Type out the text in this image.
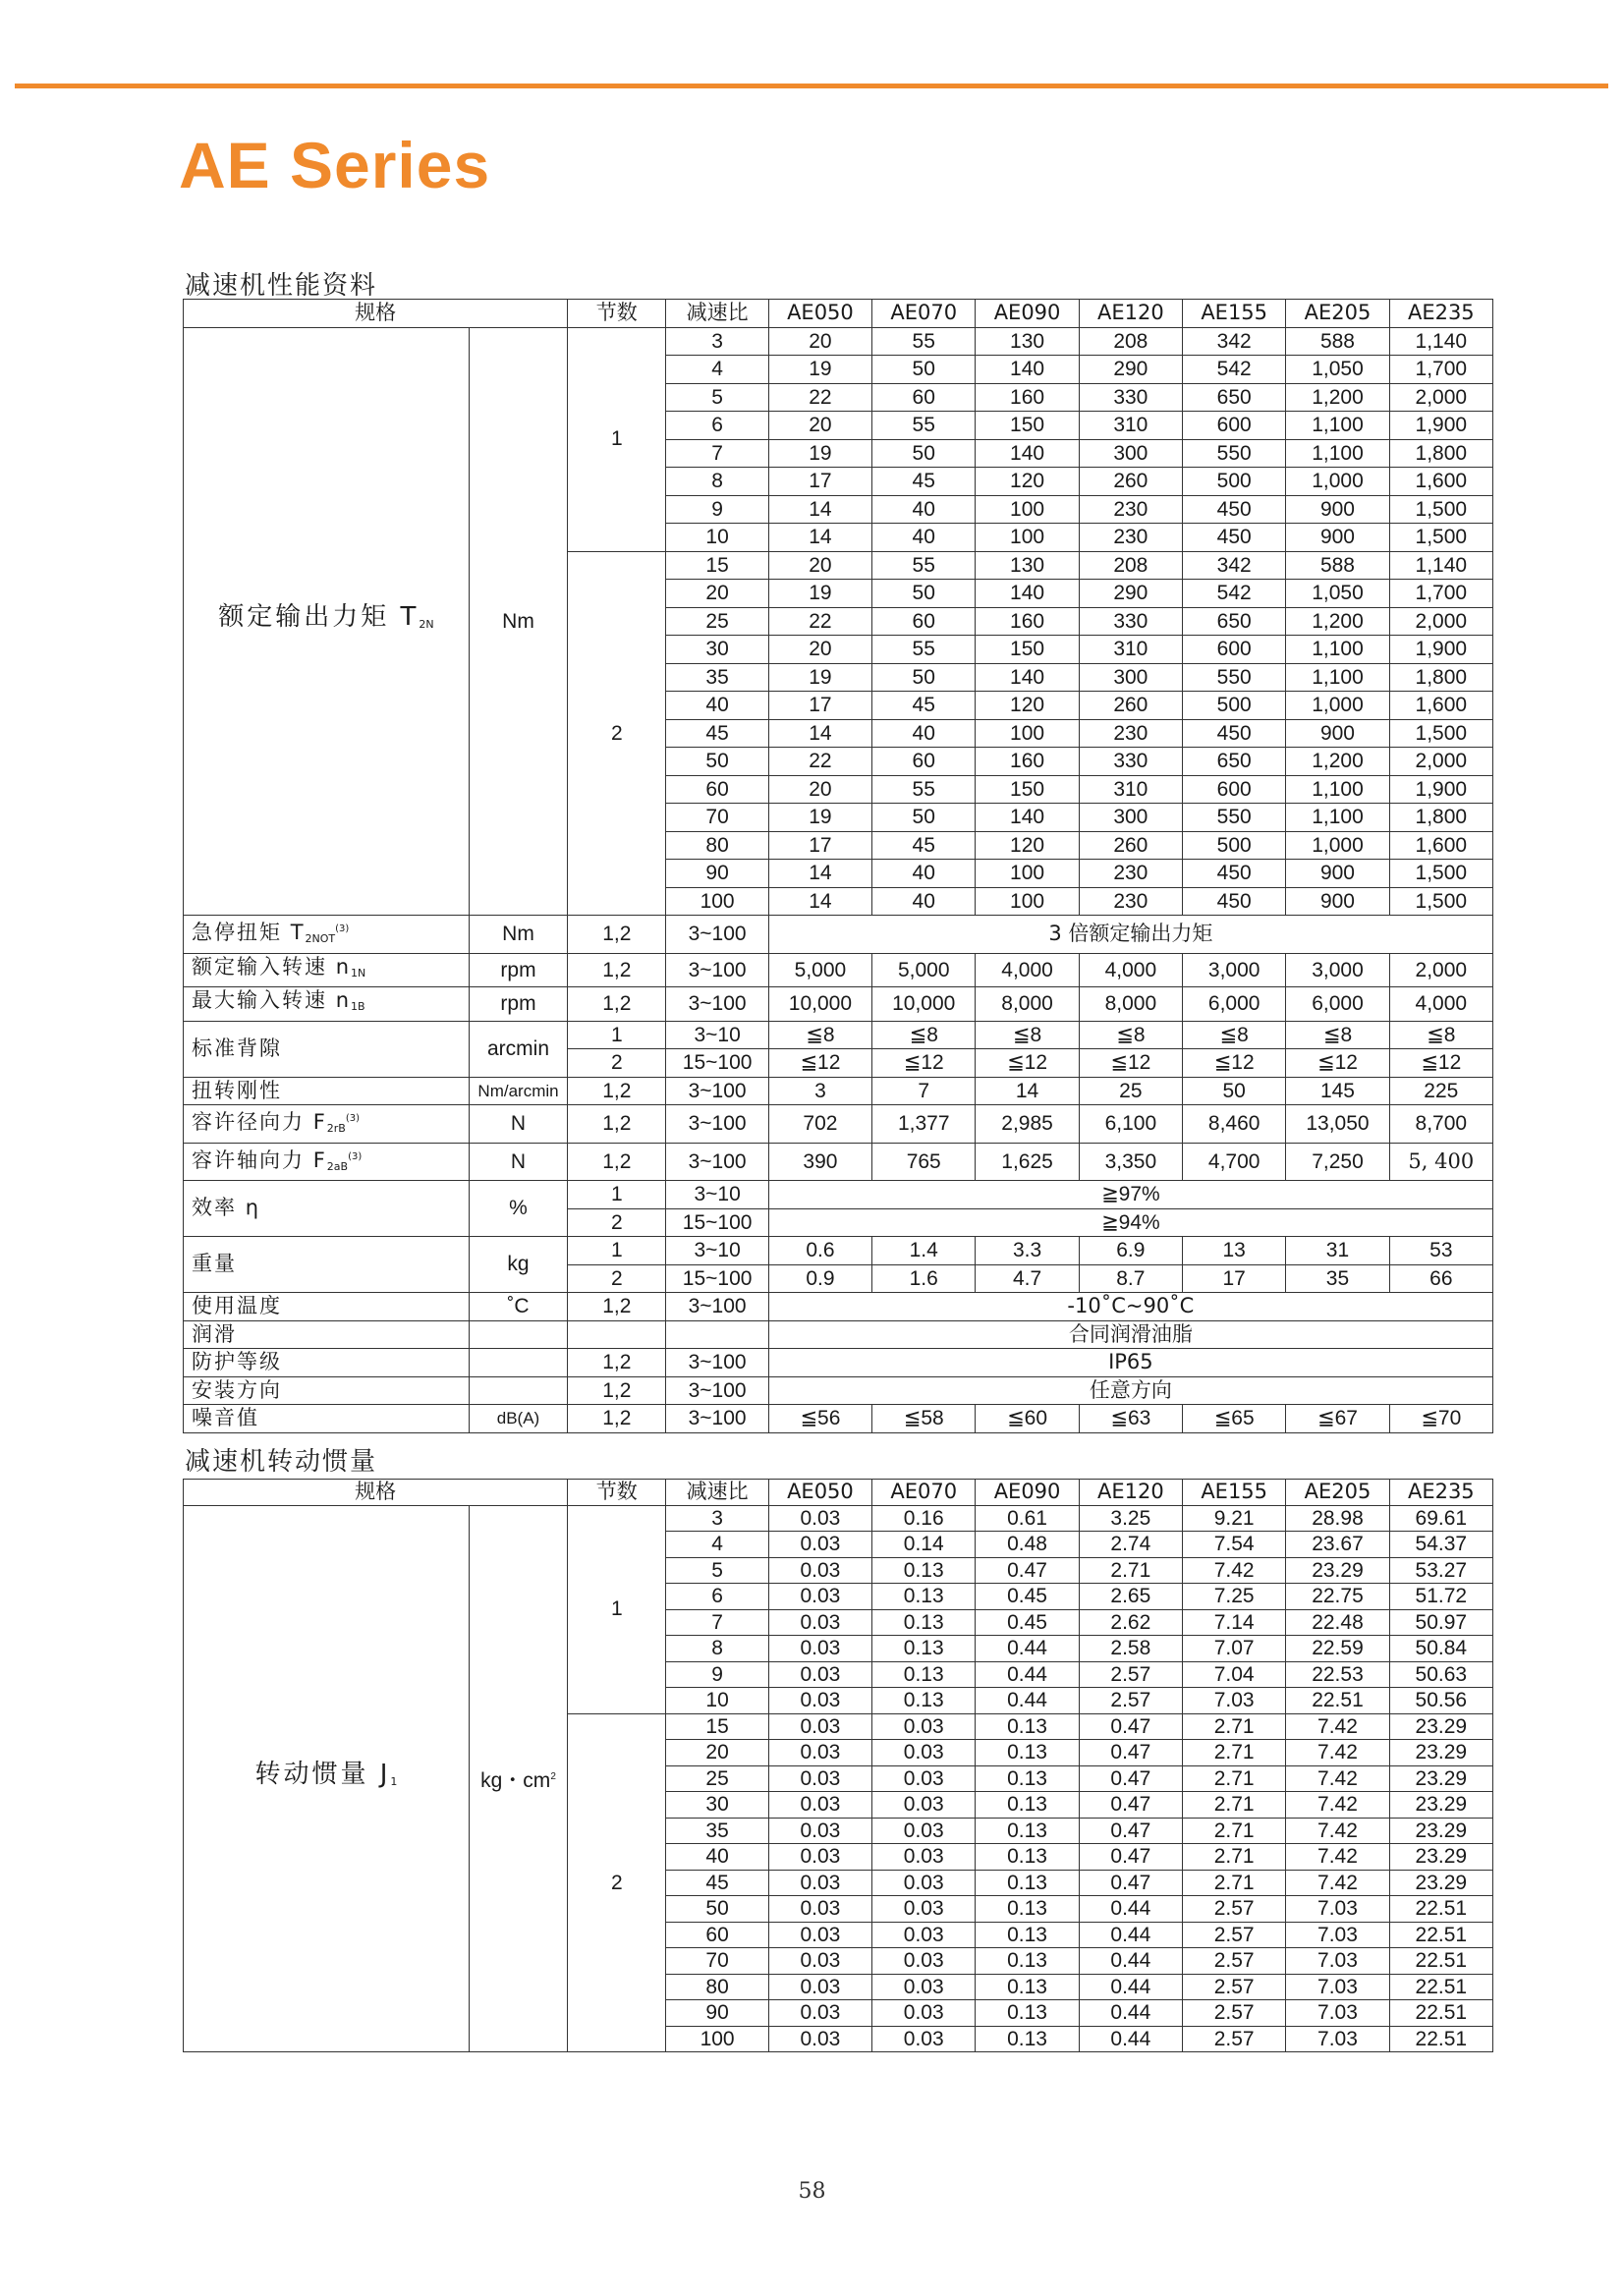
AE Series
减速机性能资料
规格		节数	减速比	AE050	AE070	AE090	AE120	AE155	AE205	AE235
额定输出力矩 $T_{2N}$	Nm	1	3	20	55	130	208	342	588	1,140
			4	19	50	140	290	542	1,050	1,700
			5	22	60	160	330	650	1,200	2,000
			6	20	55	150	310	600	1,100	1,900
			7	19	50	140	300	550	1,100	1,800
			8	17	45	120	260	500	1,000	1,600
			9	14	40	100	230	450	900	1,500
			10	14	40	100	230	450	900	1,500
		2	15	20	55	130	208	342	588	1,140
			20	19	50	140	290	542	1,050	1,700
			25	22	60	160	330	650	1,200	2,000
			30	20	55	150	310	600	1,100	1,900
			35	19	50	140	300	550	1,100	1,800
			40	17	45	120	260	500	1,000	1,600
			45	14	40	100	230	450	900	1,500
			50	22	60	160	330	650	1,200	2,000
			60	20	55	150	310	600	1,100	1,900
			70	19	50	140	300	550	1,100	1,800
			80	17	45	120	260	500	1,000	1,600
			90	14	40	100	230	450	900	1,500
			100	14	40	100	230	450	900	1,500
急停扭矩 $T_{2NOT}^{(3)}$	Nm	1,2	3~100	3 倍额定输出力矩						
额定输入转速 $n_{1N}$	rpm	1,2	3~100	5,000	5,000	4,000	4,000	3,000	3,000	2,000
最大输入转速 $n_{1B}$	rpm	1,2	3~100	10,000	10,000	8,000	8,000	6,000	6,000	4,000
标准背隙	arcmin	1	3~10	≦8	≦8	≦8	≦8	≦8	≦8	≦8
		2	15~100	≦12	≦12	≦12	≦12	≦12	≦12	≦12
扭转刚性	Nm/arcmin	1,2	3~100	3	7	14	25	50	145	225
容许径向力 $F_{2rB}^{(3)}$	N	1,2	3~100	702	1,377	2,985	6,100	8,460	13,050	8,700
容许轴向力 $F_{2aB}^{(3)}$	N	1,2	3~100	390	765	1,625	3,350	4,700	7,250	5, 400
效率 η	%	1	3~10	≧97%						
		2	15~100	≧94%						
重量	kg	1	3~10	0.6	1.4	3.3	6.9	13	31	53
		2	15~100	0.9	1.6	4.7	8.7	17	35	66
使用温度	˚C	1,2	3~100	-10˚C~90˚C						
润滑				合同润滑油脂						
防护等级		1,2	3~100	IP65						
安装方向		1,2	3~100	任意方向						
噪音值	dB(A)	1,2	3~100	≦56	≦58	≦60	≦63	≦65	≦67	≦70
减速机转动惯量
规格		节数	减速比	AE050	AE070	AE090	AE120	AE155	AE205	AE235
转动惯量 $J_1$	kg・$cm^2$	1	3	0.03	0.16	0.61	3.25	9.21	28.98	69.61
			4	0.03	0.14	0.48	2.74	7.54	23.67	54.37
			5	0.03	0.13	0.47	2.71	7.42	23.29	53.27
			6	0.03	0.13	0.45	2.65	7.25	22.75	51.72
			7	0.03	0.13	0.45	2.62	7.14	22.48	50.97
			8	0.03	0.13	0.44	2.58	7.07	22.59	50.84
			9	0.03	0.13	0.44	2.57	7.04	22.53	50.63
			10	0.03	0.13	0.44	2.57	7.03	22.51	50.56
		2	15	0.03	0.03	0.13	0.47	2.71	7.42	23.29
			20	0.03	0.03	0.13	0.47	2.71	7.42	23.29
			25	0.03	0.03	0.13	0.47	2.71	7.42	23.29
			30	0.03	0.03	0.13	0.47	2.71	7.42	23.29
			35	0.03	0.03	0.13	0.47	2.71	7.42	23.29
			40	0.03	0.03	0.13	0.47	2.71	7.42	23.29
			45	0.03	0.03	0.13	0.47	2.71	7.42	23.29
			50	0.03	0.03	0.13	0.44	2.57	7.03	22.51
			60	0.03	0.03	0.13	0.44	2.57	7.03	22.51
			70	0.03	0.03	0.13	0.44	2.57	7.03	22.51
			80	0.03	0.03	0.13	0.44	2.57	7.03	22.51
			90	0.03	0.03	0.13	0.44	2.57	7.03	22.51
			100	0.03	0.03	0.13	0.44	2.57	7.03	22.51
58
